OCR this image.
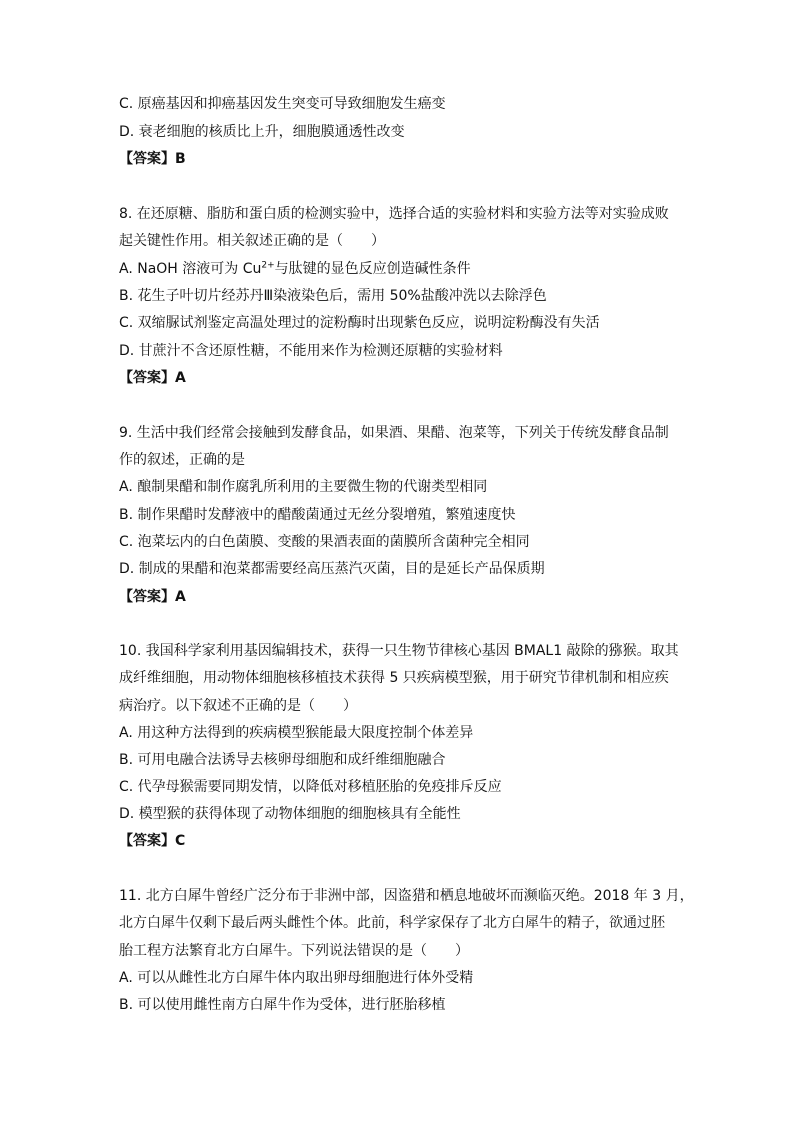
C. 原癌基因和抑癌基因发生突变可导致细胞发生癌变
D. 衰老细胞的核质比上升，细胞膜通透性改变
【答案】B
8. 在还原糖、脂肪和蛋白质的检测实验中，选择合适的实验材料和实验方法等对实验成败
起关键性作用。相关叙述正确的是（　　）
A. NaOH 溶液可为 $Cu^{2+}$与肽键的显色反应创造碱性条件
B. 花生子叶切片经苏丹Ⅲ染液染色后，需用 50%盐酸冲洗以去除浮色
C. 双缩脲试剂鉴定高温处理过的淀粉酶时出现紫色反应，说明淀粉酶没有失活
D. 甘蔗汁不含还原性糖，不能用来作为检测还原糖的实验材料
【答案】A
9. 生活中我们经常会接触到发酵食品，如果酒、果醋、泡菜等，下列关于传统发酵食品制
作的叙述，正确的是
A. 酿制果醋和制作腐乳所利用的主要微生物的代谢类型相同
B. 制作果醋时发酵液中的醋酸菌通过无丝分裂增殖，繁殖速度快
C. 泡菜坛内的白色菌膜、变酸的果酒表面的菌膜所含菌种完全相同
D. 制成的果醋和泡菜都需要经高压蒸汽灭菌，目的是延长产品保质期
【答案】A
10. 我国科学家利用基因编辑技术，获得一只生物节律核心基因 BMAL1 敲除的猕猴。取其
成纤维细胞，用动物体细胞核移植技术获得 5 只疾病模型猴，用于研究节律机制和相应疾
病治疗。以下叙述不正确的是（　　）
A. 用这种方法得到的疾病模型猴能最大限度控制个体差异
B. 可用电融合法诱导去核卵母细胞和成纤维细胞融合
C. 代孕母猴需要同期发情，以降低对移植胚胎的免疫排斥反应
D. 模型猴的获得体现了动物体细胞的细胞核具有全能性
【答案】C
11. 北方白犀牛曾经广泛分布于非洲中部，因盗猎和栖息地破坏而濒临灭绝。2018 年 3 月，
北方白犀牛仅剩下最后两头雌性个体。此前，科学家保存了北方白犀牛的精子，欲通过胚
胎工程方法繁育北方白犀牛。下列说法错误的是（　　）
A. 可以从雌性北方白犀牛体内取出卵母细胞进行体外受精
B. 可以使用雌性南方白犀牛作为受体，进行胚胎移植
